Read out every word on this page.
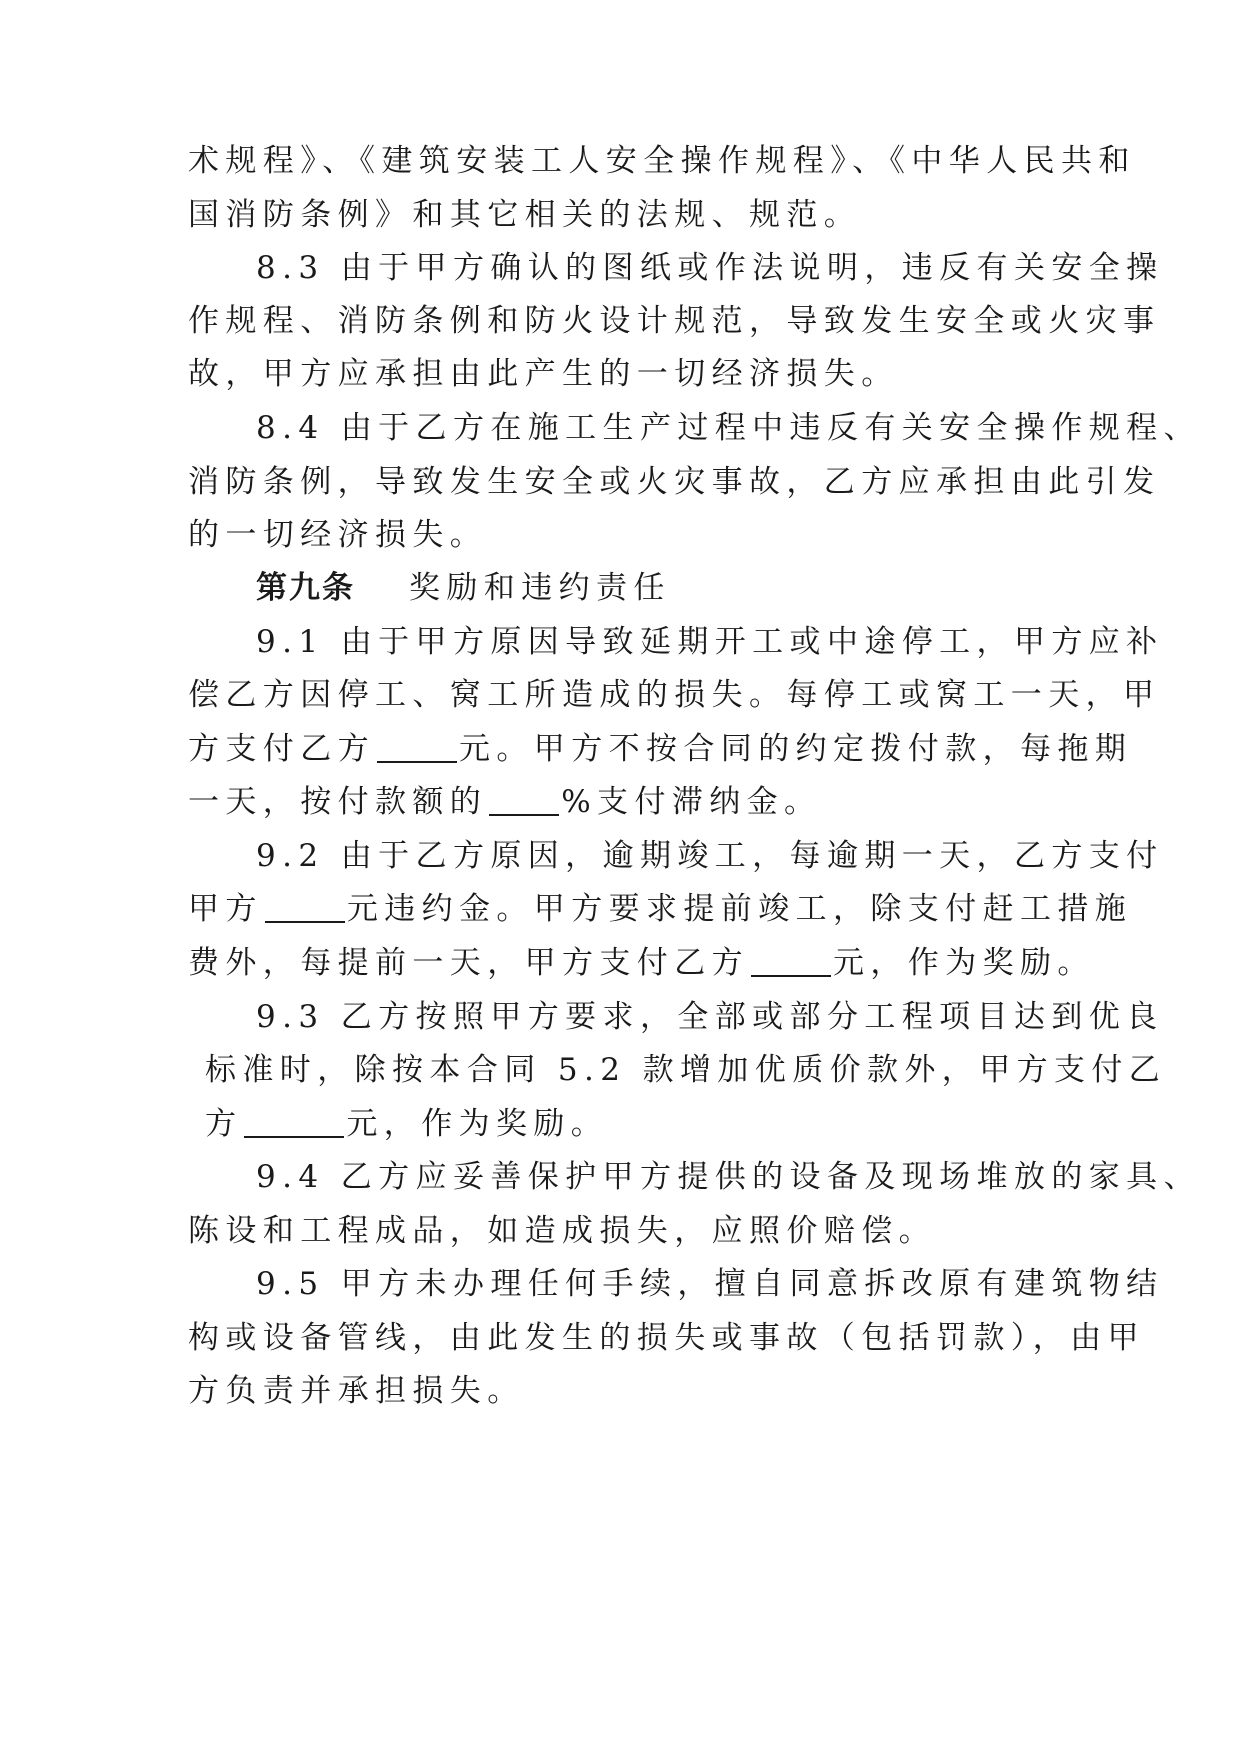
术规程》、《建筑安装工人安全操作规程》、《中华人民共和
国消防条例》和其它相关的法规、规范。
8.3 由于甲方确认的图纸或作法说明，违反有关安全操
作规程、消防条例和防火设计规范，导致发生安全或火灾事
故，甲方应承担由此产生的一切经济损失。
8.4 由于乙方在施工生产过程中违反有关安全操作规程、
消防条例，导致发生安全或火灾事故，乙方应承担由此引发
的一切经济损失。
第九条 奖励和违约责任
9.1 由于甲方原因导致延期开工或中途停工，甲方应补
偿乙方因停工、窝工所造成的损失。每停工或窝工一天，甲
方支付乙方	元。甲方不按合同的约定拨付款，每拖期
一天，按付款额的 %支付滞纳金。
9.2 由于乙方原因，逾期竣工，每逾期一天，乙方支付
甲方	元违约金。甲方要求提前竣工，除支付赶工措施
费外，每提前一天，甲方支付乙方	元，作为奖励。
9.3 乙方按照甲方要求，全部或部分工程项目达到优良
标准时，除按本合同 5.2 款增加优质价款外，甲方支付乙
方	元，作为奖励。
9.4 乙方应妥善保护甲方提供的设备及现场堆放的家具、
陈设和工程成品，如造成损失，应照价赔偿。
9.5 甲方未办理任何手续，擅自同意拆改原有建筑物结
构或设备管线，由此发生的损失或事故（包括罚款），由甲
方负责并承担损失。
